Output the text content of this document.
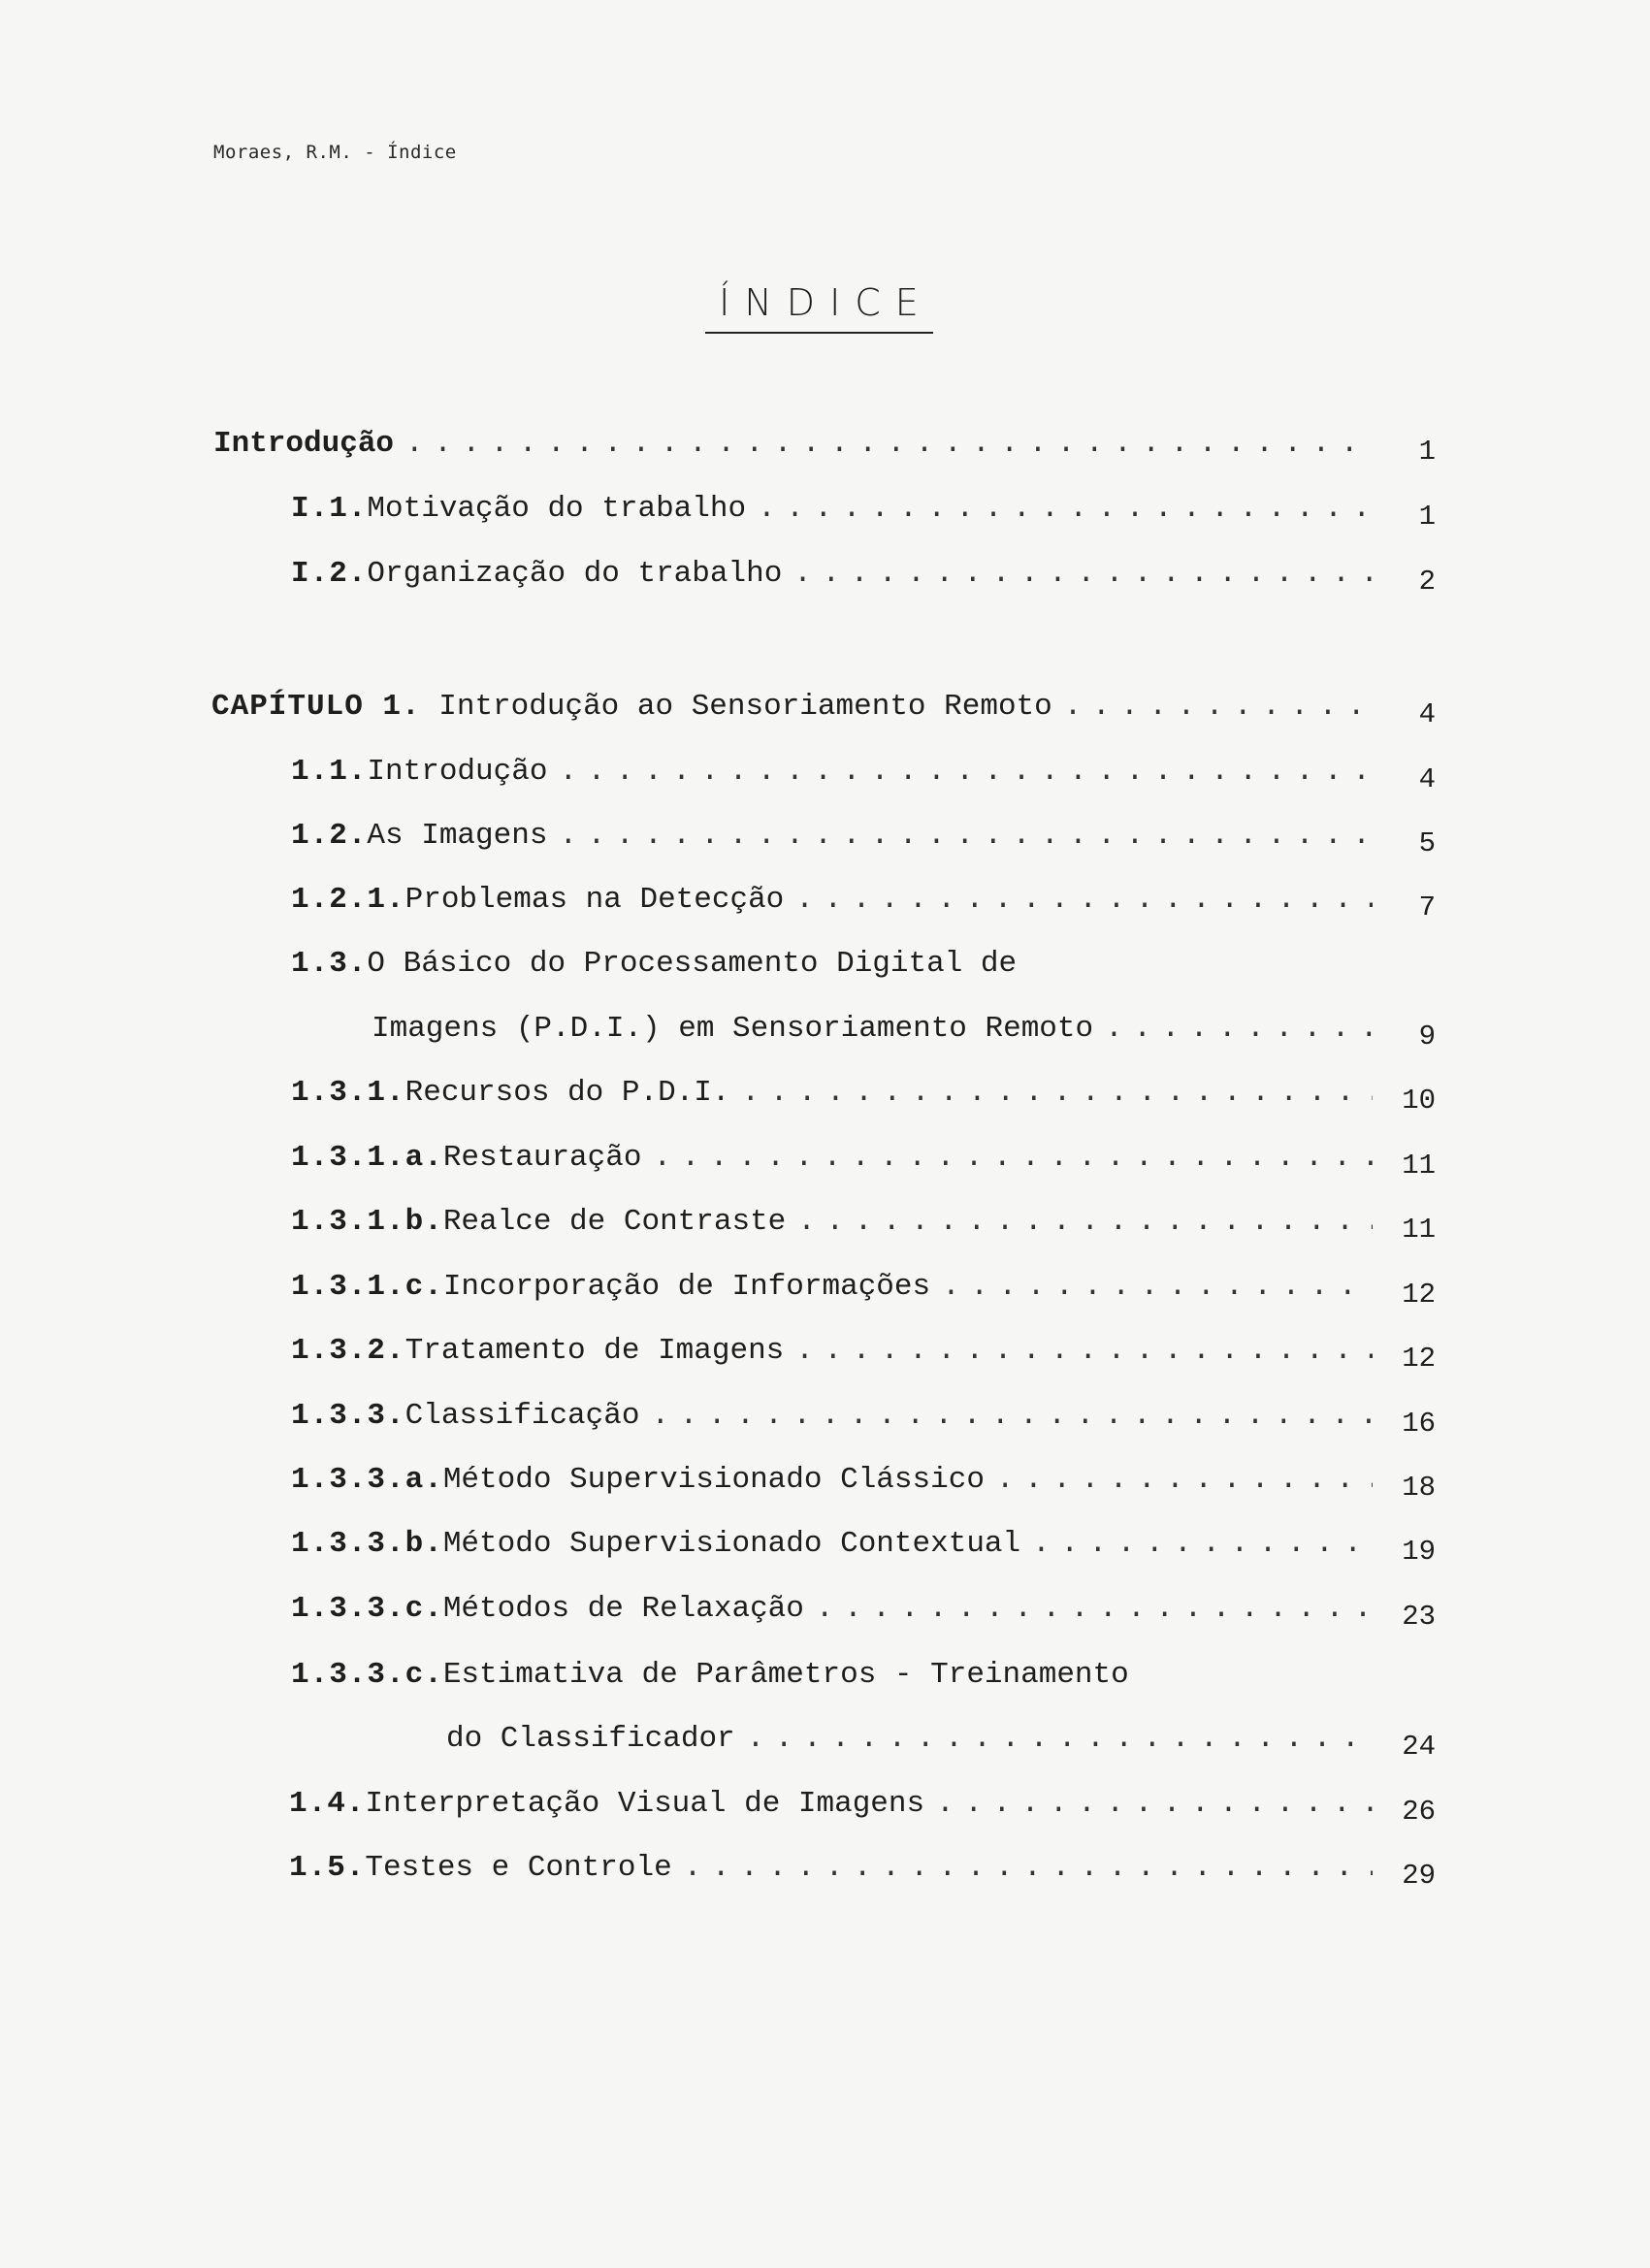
Moraes, R.M. - Índice
ÍNDICE
Introdução . . .	1
I.1.Motivação do trabalho . . .	1
I.2.Organização do trabalho . . .	2
CAPÍTULO 1. Introdução ao Sensoriamento Remoto . . .	4
1.1.Introdução . . .	4
1.2.As Imagens . . .	5
1.2.1.Problemas na Detecção . . .	7
1.3.O Básico do Processamento Digital de
Imagens (P.D.I.) em Sensoriamento Remoto . . .	9
1.3.1.Recursos do P.D.I. . . .	10
1.3.1.a.Restauração . . .	11
1.3.1.b.Realce de Contraste . . .	11
1.3.1.c.Incorporação de Informações . . .	12
1.3.2.Tratamento de Imagens . . .	12
1.3.3.Classificação . . .	16
1.3.3.a.Método Supervisionado Clássico . . .	18
1.3.3.b.Método Supervisionado Contextual . . .	19
1.3.3.c.Métodos de Relaxação . . .	23
1.3.3.c.Estimativa de Parâmetros - Treinamento
do Classificador . . .	24
1.4.Interpretação Visual de Imagens . . .	26
1.5.Testes e Controle . . .	29
